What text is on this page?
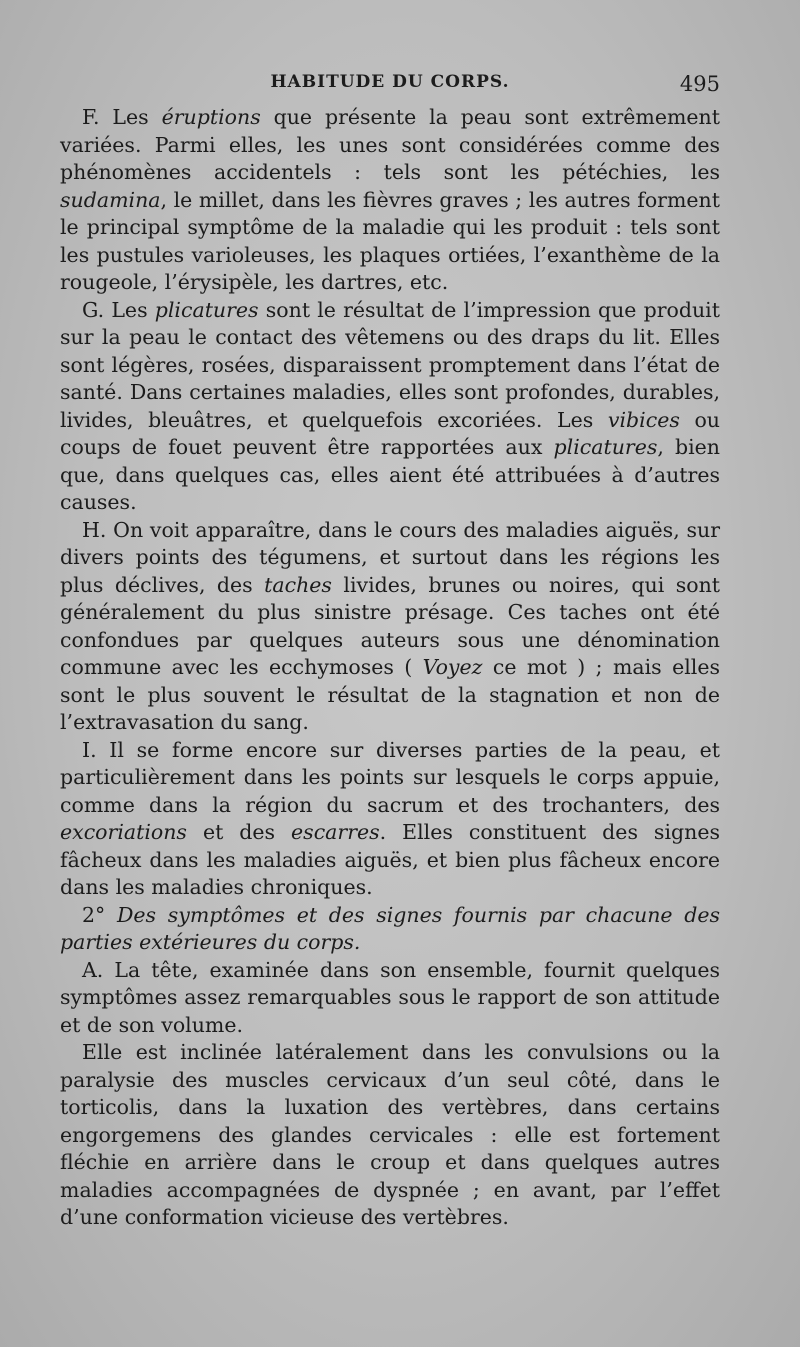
HABITUDE DU CORPS.	495

F. Les éruptions que présente la peau sont extrêmement variées. Parmi elles, les unes sont considérées comme des phénomènes accidentels : tels sont les pétéchies, les sudamina, le millet, dans les fièvres graves ; les autres forment le principal symptôme de la maladie qui les produit : tels sont les pustules varioleuses, les plaques ortiées, l’exanthème de la rougeole, l’érysipèle, les dartres, etc.

G. Les plicatures sont le résultat de l’impression que produit sur la peau le contact des vêtemens ou des draps du lit. Elles sont légères, rosées, disparaissent promptement dans l’état de santé. Dans certaines maladies, elles sont profondes, durables, livides, bleuâtres, et quelquefois excoriées. Les vibices ou coups de fouet peuvent être rapportées aux plicatures, bien que, dans quelques cas, elles aient été attribuées à d’autres causes.

H. On voit apparaître, dans le cours des maladies aiguës, sur divers points des tégumens, et surtout dans les régions les plus déclives, des taches livides, brunes ou noires, qui sont généralement du plus sinistre présage. Ces taches ont été confondues par quelques auteurs sous une dénomination commune avec les ecchymoses ( Voyez ce mot ) ; mais elles sont le plus souvent le résultat de la stagnation et non de l’extravasation du sang.

I. Il se forme encore sur diverses parties de la peau, et particulièrement dans les points sur lesquels le corps appuie, comme dans la région du sacrum et des trochanters, des excoriations et des escarres. Elles constituent des signes fâcheux dans les maladies aiguës, et bien plus fâcheux encore dans les maladies chroniques.

2° Des symptômes et des signes fournis par chacune des parties extérieures du corps.

A. La tête, examinée dans son ensemble, fournit quelques symptômes assez remarquables sous le rapport de son attitude et de son volume.

Elle est inclinée latéralement dans les convulsions ou la paralysie des muscles cervicaux d’un seul côté, dans le torticolis, dans la luxation des vertèbres, dans certains engorgemens des glandes cervicales : elle est fortement fléchie en arrière dans le croup et dans quelques autres maladies accompagnées de dyspnée ; en avant, par l’effet d’une conformation vicieuse des vertèbres.
